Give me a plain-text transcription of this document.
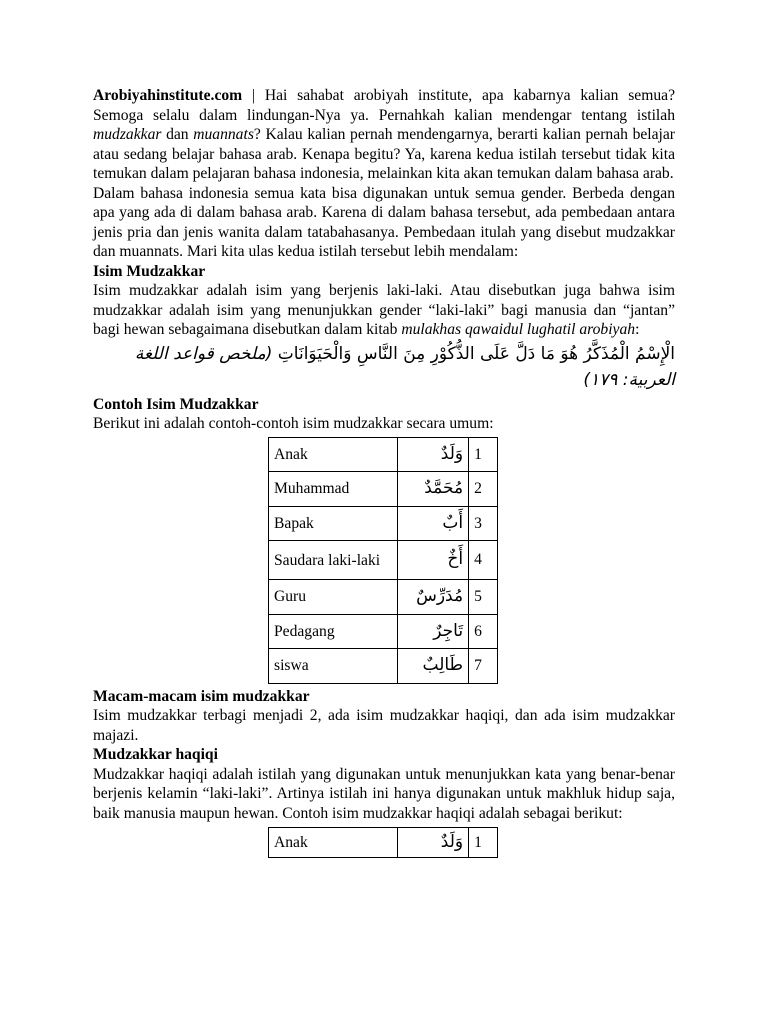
Arobiyahinstitute.com | Hai sahabat arobiyah institute, apa kabarnya kalian semua? Semoga selalu dalam lindungan-Nya ya. Pernahkah kalian mendengar tentang istilah mudzakkar dan muannats? Kalau kalian pernah mendengarnya, berarti kalian pernah belajar atau sedang belajar bahasa arab. Kenapa begitu? Ya, karena kedua istilah tersebut tidak kita temukan dalam pelajaran bahasa indonesia, melainkan kita akan temukan dalam bahasa arab.

Dalam bahasa indonesia semua kata bisa digunakan untuk semua gender. Berbeda dengan apa yang ada di dalam bahasa arab. Karena di dalam bahasa tersebut, ada pembedaan antara jenis pria dan jenis wanita dalam tatabahasanya. Pembedaan itulah yang disebut mudzakkar dan muannats. Mari kita ulas kedua istilah tersebut lebih mendalam:

Isim Mudzakkar

Isim mudzakkar adalah isim yang berjenis laki-laki. Atau disebutkan juga bahwa isim mudzakkar adalah isim yang menunjukkan gender “laki-laki” bagi manusia dan “jantan” bagi hewan sebagaimana disebutkan dalam kitab mulakhas qawaidul lughatil arobiyah:

الْإِسْمُ الْمُذَكَّرُ هُوَ مَا دَلَّ عَلَى الذُّكُوْرِ مِنَ النَّاسِ وَالْحَيَوَانَاتِ (ملخص قواعد اللغة العربية: ١٧٩)
Contoh Isim Mudzakkar

Berikut ini adalah contoh-contoh isim mudzakkar secara umum:

Anak	وَلَدٌ	1
Muhammad	مُحَمَّدٌ	2
Bapak	أَبٌ	3
Saudara laki-laki	أَخٌ	4
Guru	مُدَرِّسٌ	5
Pedagang	تَاجِرٌ	6
siswa	طَالِبٌ	7
Macam-macam isim mudzakkar

Isim mudzakkar terbagi menjadi 2, ada isim mudzakkar haqiqi, dan ada isim mudzakkar majazi.

Mudzakkar haqiqi

Mudzakkar haqiqi adalah istilah yang digunakan untuk menunjukkan kata yang benar-benar berjenis kelamin “laki-laki”. Artinya istilah ini hanya digunakan untuk makhluk hidup saja, baik manusia maupun hewan. Contoh isim mudzakkar haqiqi adalah sebagai berikut:

Anak	وَلَدٌ	1
